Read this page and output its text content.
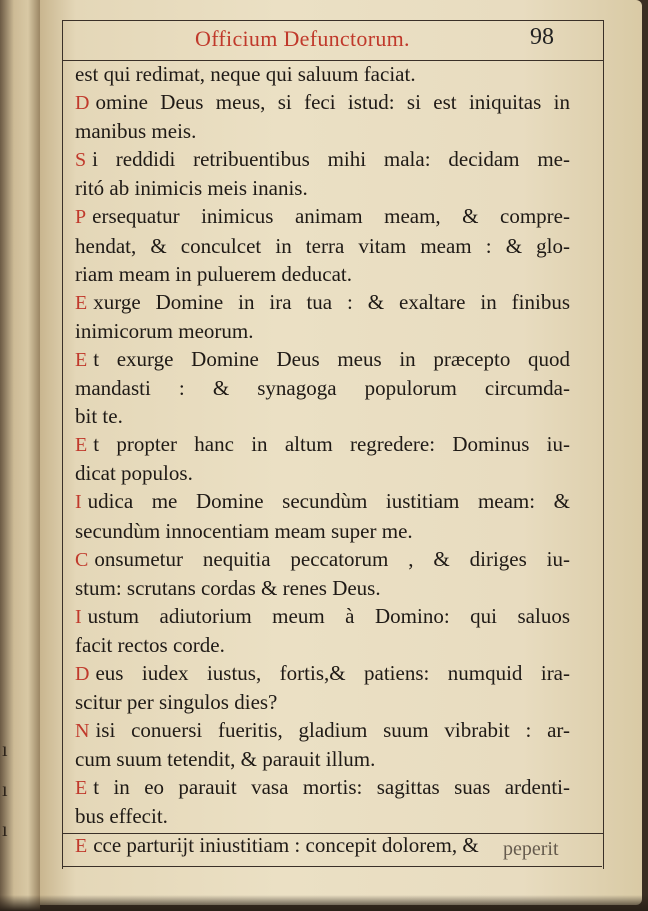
ı
ı
ı
Officium Defunctorum.	98
est qui redimat, neque qui saluum faciat.
D omine Deus meus, si feci istud: si est iniquitas in
manibus meis.
S i reddidi retribuentibus mihi mala: decidam me-
ritó ab inimicis meis inanis.
P ersequatur inimicus animam meam, & compre-
hendat, & conculcet in terra vitam meam : & glo-
riam meam in puluerem deducat.
E xurge Domine in ira tua : & exaltare in finibus
inimicorum meorum.
E t exurge Domine Deus meus in præcepto quod
mandasti : & synagoga populorum circumda-
bit te.
E t propter hanc in altum regredere: Dominus iu-
dicat populos.
I udica me Domine secundùm iustitiam meam: &
secundùm innocentiam meam super me.
C onsumetur nequitia peccatorum , & diriges iu-
stum: scrutans cordas & renes Deus.
I ustum adiutorium meum à Domino: qui saluos
facit rectos corde.
D eus iudex iustus, fortis,& patiens: numquid ira-
scitur per singulos dies?
N isi conuersi fueritis, gladium suum vibrabit : ar-
cum suum tetendit, & parauit illum.
E t in eo parauit vasa mortis: sagittas suas ardenti-
bus effecit.
E cce parturijt iniustitiam : concepit dolorem, &	peperit
